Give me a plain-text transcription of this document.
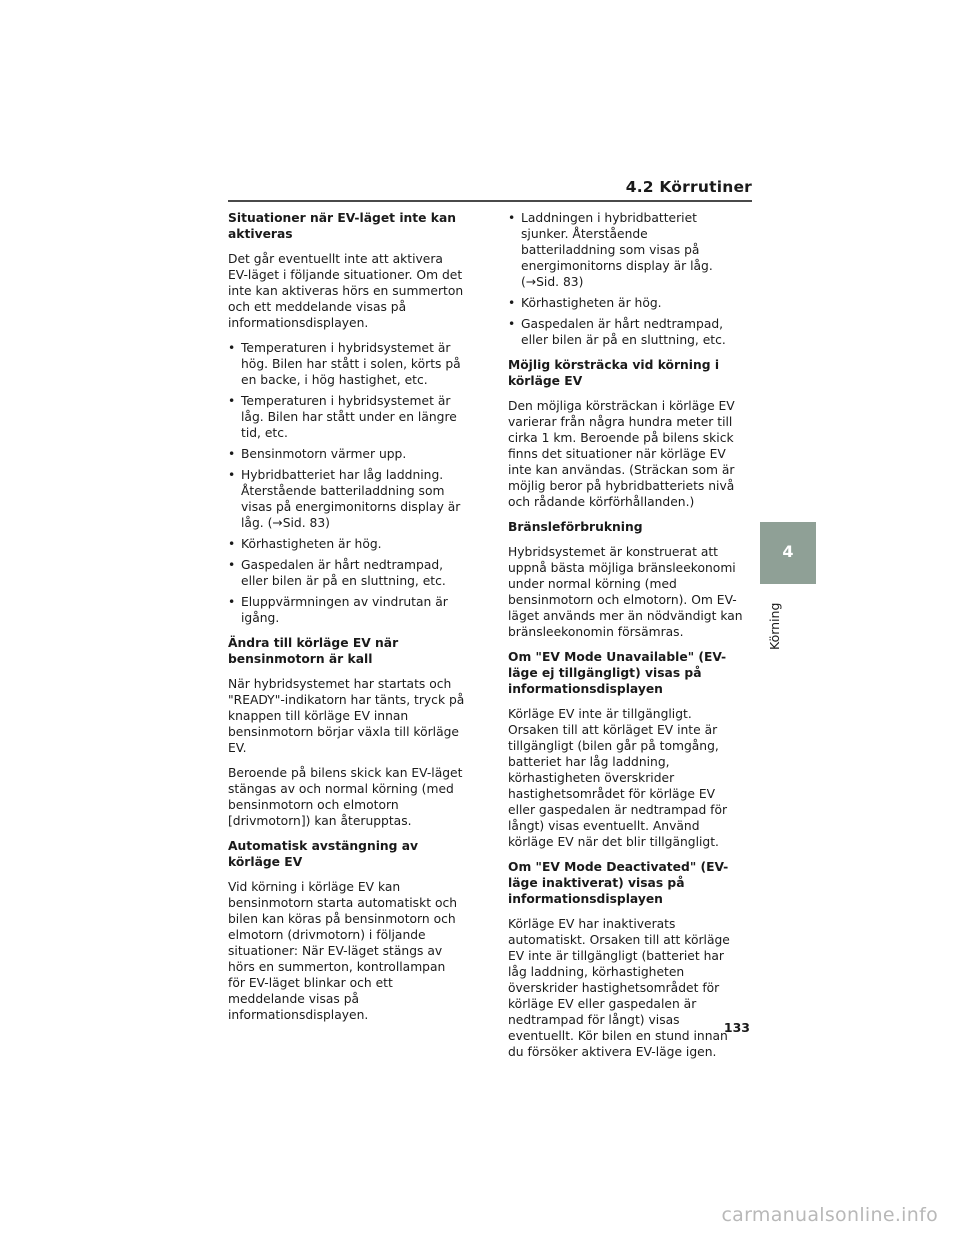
4.2 Körrutiner
Situationer när EV-läget inte kan aktiveras
Det går eventuellt inte att aktivera EV-läget i följande situationer. Om det inte kan aktiveras hörs en summerton och ett meddelande visas på informationsdisplayen.
• Temperaturen i hybridsystemet är hög. Bilen har stått i solen, körts på en backe, i hög hastighet, etc.
• Temperaturen i hybridsystemet är låg. Bilen har stått under en längre tid, etc.
• Bensinmotorn värmer upp.
• Hybridbatteriet har låg laddning. Återstående batteriladdning som visas på energimonitorns display är låg. (→Sid. 83)
• Körhastigheten är hög.
• Gaspedalen är hårt nedtrampad, eller bilen är på en sluttning, etc.
• Eluppvärmningen av vindrutan är igång.
Ändra till körläge EV när bensinmotorn är kall
När hybridsystemet har startats och "READY"-indikatorn har tänts, tryck på knappen till körläge EV innan bensinmotorn börjar växla till körläge EV.
Beroende på bilens skick kan EV-läget stängas av och normal körning (med bensinmotorn och elmotorn [drivmotorn]) kan återupptas.
Automatisk avstängning av körläge EV
Vid körning i körläge EV kan bensinmotorn starta automatiskt och bilen kan köras på bensinmotorn och elmotorn (drivmotorn) i följande situationer: När EV-läget stängs av hörs en summerton, kontrollampan för EV-läget blinkar och ett meddelande visas på informationsdisplayen.
• Laddningen i hybridbatteriet sjunker. Återstående batteriladdning som visas på energimonitorns display är låg. (→Sid. 83)
• Körhastigheten är hög.
• Gaspedalen är hårt nedtrampad, eller bilen är på en sluttning, etc.
Möjlig körsträcka vid körning i körläge EV
Den möjliga körsträckan i körläge EV varierar från några hundra meter till cirka 1 km. Beroende på bilens skick finns det situationer när körläge EV inte kan användas. (Sträckan som är möjlig beror på hybridbatteriets nivå och rådande körförhållanden.)
Bränsleförbrukning
Hybridsystemet är konstruerat att uppnå bästa möjliga bränsleekonomi under normal körning (med bensinmotorn och elmotorn). Om EV-läget används mer än nödvändigt kan bränsleekonomin försämras.
Om "EV Mode Unavailable" (EV-läge ej tillgängligt) visas på informationsdisplayen
Körläge EV inte är tillgängligt. Orsaken till att körläget EV inte är tillgängligt (bilen går på tomgång, batteriet har låg laddning, körhastigheten överskrider hastighetsområdet för körläge EV eller gaspedalen är nedtrampad för långt) visas eventuellt. Använd körläge EV när det blir tillgängligt.
Om "EV Mode Deactivated" (EV-läge inaktiverat) visas på informationsdisplayen
Körläge EV har inaktiverats automatiskt. Orsaken till att körläge EV inte är tillgängligt (batteriet har låg laddning, körhastigheten överskrider hastighetsområdet för körläge EV eller gaspedalen är nedtrampad för långt) visas eventuellt. Kör bilen en stund innan du försöker aktivera EV-läge igen.
4
Körning
133
carmanualsonline.info
